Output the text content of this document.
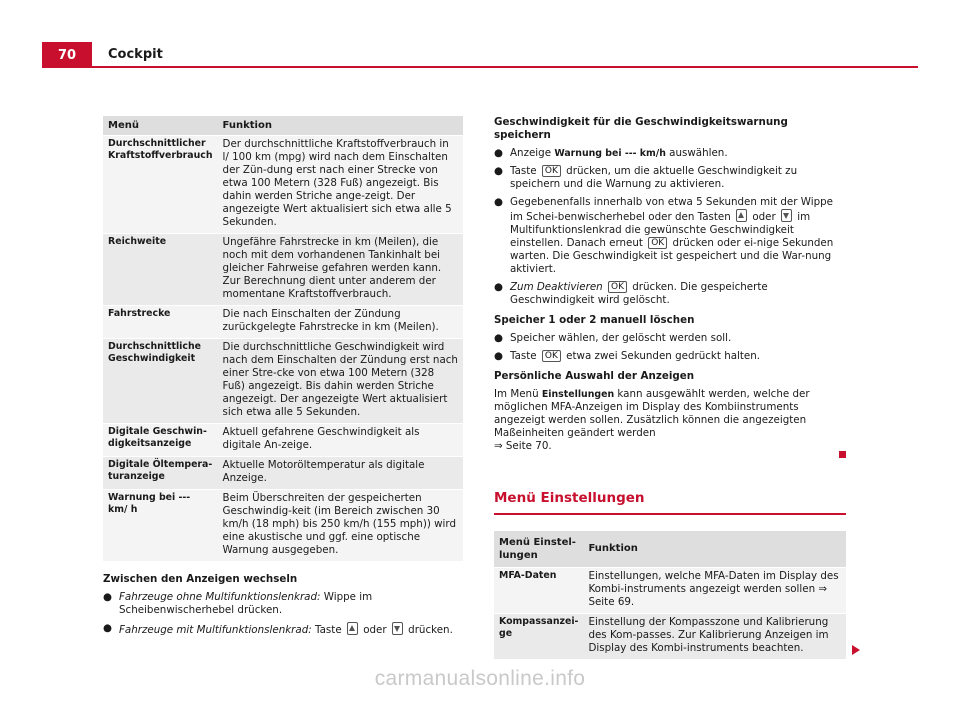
70	Cockpit
Menü	Funktion
Durchschnittlicher Kraftstoffverbrauch	Der durchschnittliche Kraftstoffverbrauch in l/ 100 km (mpg) wird nach dem Einschalten der Zün-dung erst nach einer Strecke von etwa 100 Metern (328 Fuß) angezeigt. Bis dahin werden Striche ange-zeigt. Der angezeigte Wert aktualisiert sich etwa alle 5 Sekunden.
Reichweite	Ungefähre Fahrstrecke in km (Meilen), die noch mit dem vorhandenen Tankinhalt bei gleicher Fahrweise gefahren werden kann. Zur Berechnung dient unter anderem der momentane Kraftstoffverbrauch.
Fahrstrecke	Die nach Einschalten der Zündung zurückgelegte Fahrstrecke in km (Meilen).
Durchschnittliche Geschwindigkeit	Die durchschnittliche Geschwindigkeit wird nach dem Einschalten der Zündung erst nach einer Stre-cke von etwa 100 Metern (328 Fuß) angezeigt. Bis dahin werden Striche angezeigt. Der angezeigte Wert aktualisiert sich etwa alle 5 Sekunden.
Digitale Geschwin-digkeitsanzeige	Aktuell gefahrene Geschwindigkeit als digitale An-zeige.
Digitale Öltempera-turanzeige	Aktuelle Motoröltemperatur als digitale Anzeige.
Warnung bei --- km/ h	Beim Überschreiten der gespeicherten Geschwindig-keit (im Bereich zwischen 30 km/h (18 mph) bis 250 km/h (155 mph)) wird eine akustische und ggf. eine optische Warnung ausgegeben.
Zwischen den Anzeigen wechseln
● Fahrzeuge ohne Multifunktionslenkrad: Wippe im Scheibenwischerhebel drücken.
● Fahrzeuge mit Multifunktionslenkrad: Taste  oder  drücken.
Geschwindigkeit für die Geschwindigkeitswarnung speichern
● Anzeige Warnung bei --- km/h auswählen.
● Taste OK drücken, um die aktuelle Geschwindigkeit zu speichern und die Warnung zu aktivieren.
● Gegebenenfalls innerhalb von etwa 5 Sekunden mit der Wippe im Schei-benwischerhebel oder den Tasten  oder  im Multifunktionslenkrad die gewünschte Geschwindigkeit einstellen. Danach erneut OK drücken oder ei-nige Sekunden warten. Die Geschwindigkeit ist gespeichert und die War-nung aktiviert.
● Zum Deaktivieren OK drücken. Die gespeicherte Geschwindigkeit wird gelöscht.
Speicher 1 oder 2 manuell löschen
● Speicher wählen, der gelöscht werden soll.
● Taste OK etwa zwei Sekunden gedrückt halten.
Persönliche Auswahl der Anzeigen

Im Menü Einstellungen kann ausgewählt werden, welche der möglichen MFA-Anzeigen im Display des Kombiinstruments angezeigt werden sollen. Zusätzlich können die angezeigten Maßeinheiten geändert werden
⇒ Seite 70.

Menü Einstellungen
Menü Einstel-lungen	Funktion
MFA-Daten	Einstellungen, welche MFA-Daten im Display des Kombi-instruments angezeigt werden sollen ⇒ Seite 69.
Kompassanzei-ge	Einstellung der Kompasszone und Kalibrierung des Kom-passes. Zur Kalibrierung Anzeigen im Display des Kombi-instruments beachten.
carmanualsonline.info
